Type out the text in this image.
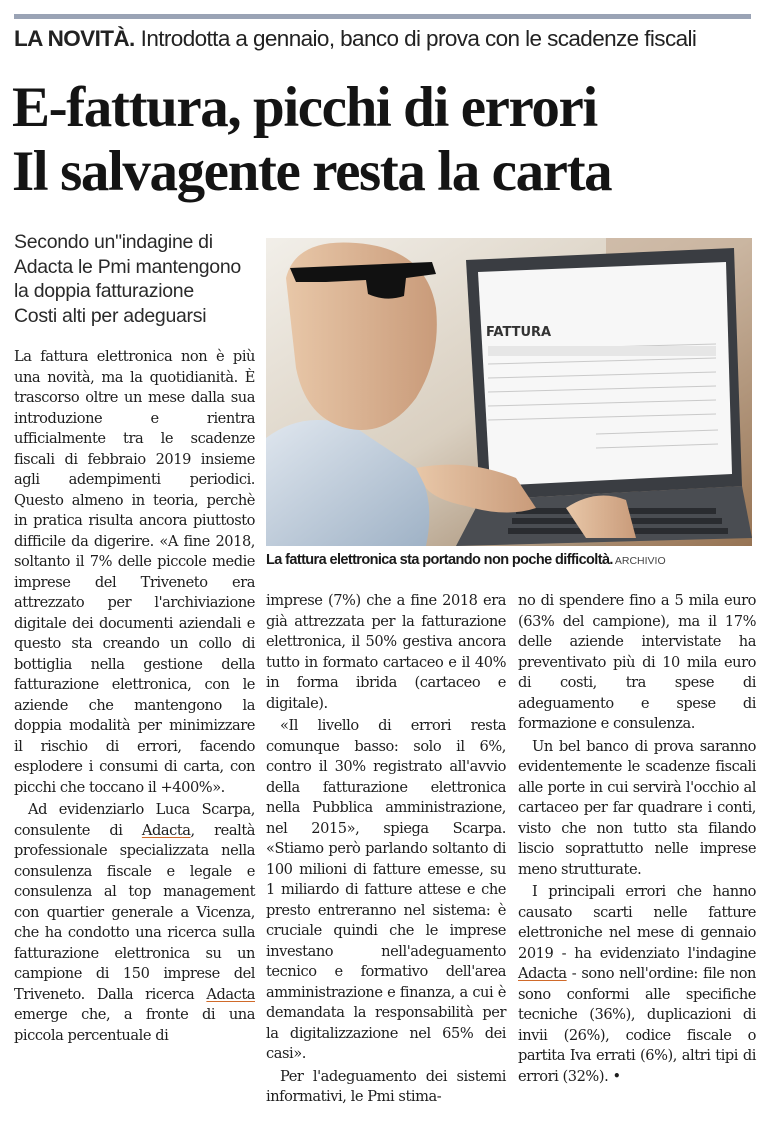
LA NOVITÀ. Introdotta a gennaio, banco di prova con le scadenze fiscali
E-fattura, picchi di errori
Il salvagente resta la carta
Secondo un"indagine di
Adacta le Pmi mantengono
la doppia fatturazione
Costi alti per adeguarsi
FATTURA
La fattura elettronica sta portando non poche difficoltà. ARCHIVIO

La fattura elettronica non è più una novità, ma la quotidianità. È trascorso oltre un mese dalla sua introduzione e rientra ufficialmente tra le scadenze fiscali di febbraio 2019 insieme agli adempimenti periodici. Questo almeno in teoria, perchè in pratica risulta ancora piuttosto difficile da digerire. «A fine 2018, soltanto il 7% delle piccole medie imprese del Triveneto era attrezzato per l'archiviazione digitale dei documenti aziendali e questo sta creando un collo di bottiglia nella gestione della fatturazione elettronica, con le aziende che mantengono la doppia modalità per minimizzare il rischio di errori, facendo esplodere i consumi di carta, con picchi che toccano il +400%».

Ad evidenziarlo Luca Scarpa, consulente di Adacta, realtà professionale specializzata nella consulenza fiscale e legale e consulenza al top management con quartier generale a Vicenza, che ha condotto una ricerca sulla fatturazione elettronica su un campione di 150 imprese del Triveneto. Dalla ricerca Adacta emerge che, a fronte di una piccola percentuale di

imprese (7%) che a fine 2018 era già attrezzata per la fatturazione elettronica, il 50% gestiva ancora tutto in formato cartaceo e il 40% in forma ibrida (cartaceo e digitale).

«Il livello di errori resta comunque basso: solo il 6%, contro il 30% registrato all'avvio della fatturazione elettronica nella Pubblica amministrazione, nel 2015», spiega Scarpa. «Stiamo però parlando soltanto di 100 milioni di fatture emesse, su 1 miliardo di fatture attese e che presto entreranno nel sistema: è cruciale quindi che le imprese investano nell'adeguamento tecnico e formativo dell'area amministrazione e finanza, a cui è demandata la responsabilità per la digitalizzazione nel 65% dei casi».

Per l'adeguamento dei sistemi informativi, le Pmi stima-

no di spendere fino a 5 mila euro (63% del campione), ma il 17% delle aziende intervistate ha preventivato più di 10 mila euro di costi, tra spese di adeguamento e spese di formazione e consulenza.

Un bel banco di prova saranno evidentemente le scadenze fiscali alle porte in cui servirà l'occhio al cartaceo per far quadrare i conti, visto che non tutto sta filando liscio soprattutto nelle imprese meno strutturate.

I principali errori che hanno causato scarti nelle fatture elettroniche nel mese di gennaio 2019 - ha evidenziato l'indagine Adacta - sono nell'ordine: file non sono conformi alle specifiche tecniche (36%), duplicazioni di invii (26%), codice fiscale o partita Iva errati (6%), altri tipi di errori (32%). •
